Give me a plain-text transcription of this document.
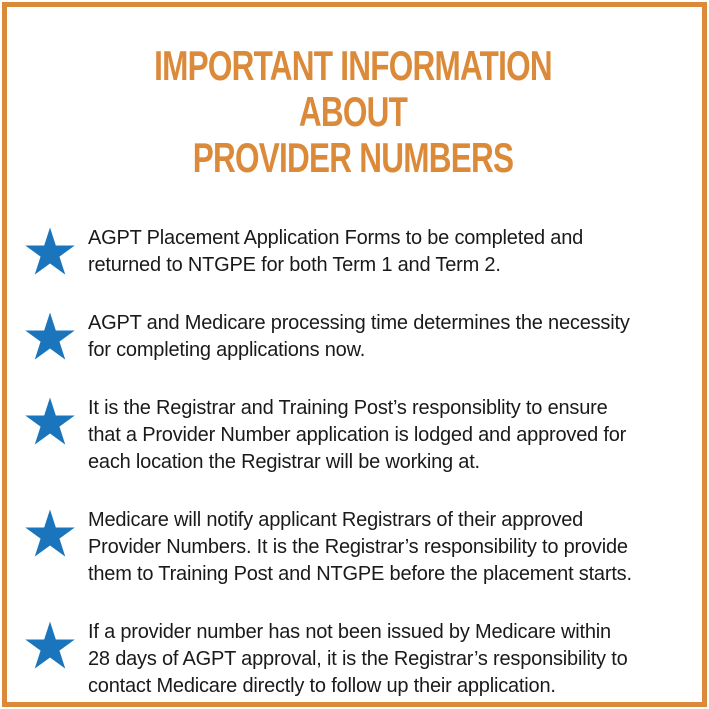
IMPORTANT INFORMATION ABOUT
PROVIDER NUMBERS
AGPT Placement Application Forms to be completed and
returned to NTGPE for both Term 1 and Term 2.
AGPT and Medicare processing time determines the necessity
for completing applications now.
It is the Registrar and Training Post’s responsiblity to ensure
that a Provider Number application is lodged and approved for
each location the Registrar will be working at.
Medicare will notify applicant Registrars of their approved
Provider Numbers. It is the Registrar’s responsibility to provide
them to Training Post and NTGPE before the placement starts.
If a provider number has not been issued by Medicare within
28 days of AGPT approval, it is the Registrar’s responsibility to
contact Medicare directly to follow up their application.
